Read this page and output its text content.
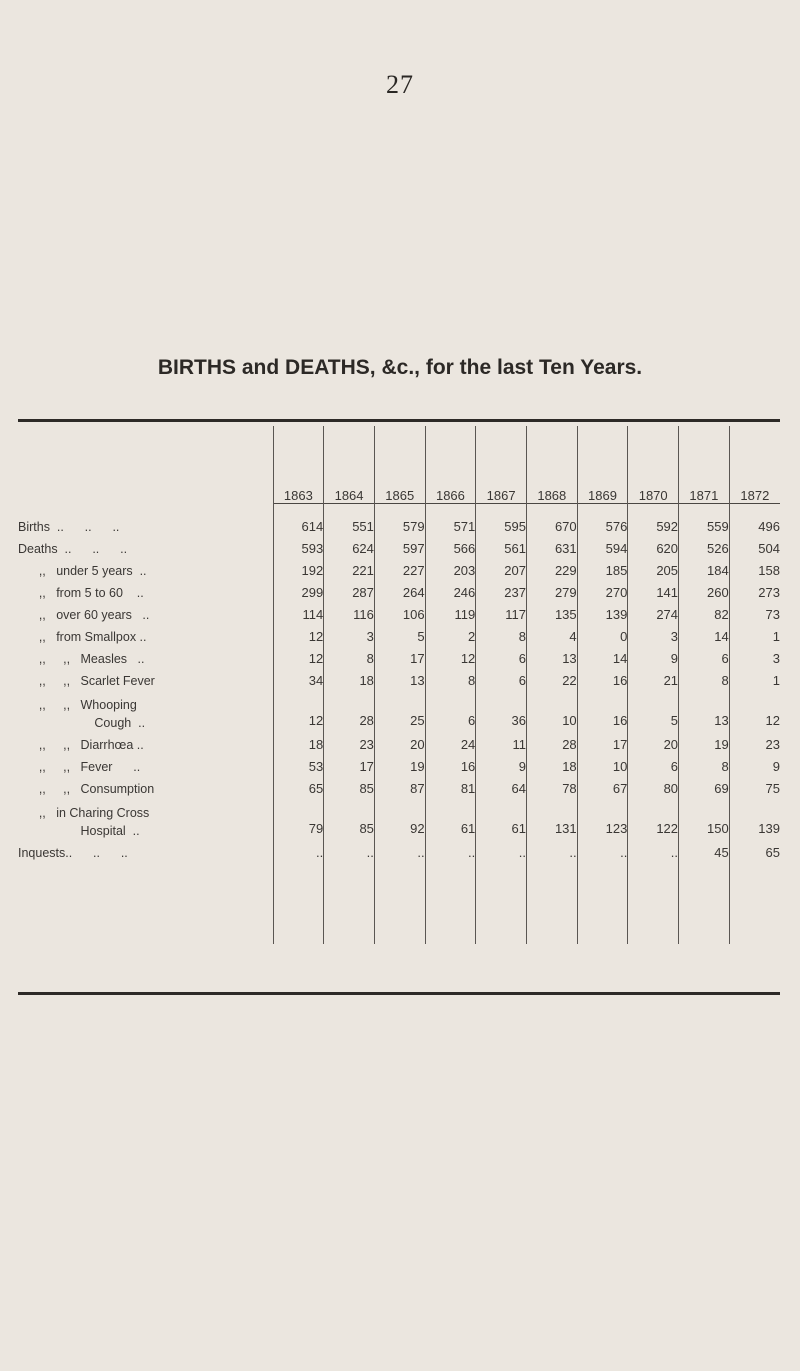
27
BIRTHS and DEATHS, &c., for the last Ten Years.
	1863	1864	1865	1866	1867	1868	1869	1870	1871	1872

Births  ..      ..      ..	614	551	579	571	595	670	576	592	559	496

Deaths  ..      ..      ..	593	624	597	566	561	631	594	620	526	504

,,   under 5 years  ..	192	221	227	203	207	229	185	205	184	158

,,   from 5 to 60    ..	299	287	264	246	237	279	270	141	260	273

,,   over 60 years   ..	114	116	106	119	117	135	139	274	82	73

,,   from Smallpox ..	12	3	5	2	8	4	0	3	14	1

,,     ,,   Measles   ..	12	8	17	12	6	13	14	9	6	3

,,     ,,   Scarlet Fever	34	18	13	8	6	22	16	21	8	1

,,     ,,   Whooping
Cough  ..	12	28	25	6	36	10	16	5	13	12

,,     ,,   Diarrhœa ..	18	23	20	24	11	28	17	20	19	23

,,     ,,   Fever      ..	53	17	19	16	9	18	10	6	8	9

,,     ,,   Consumption	65	85	87	81	64	78	67	80	69	75

,,   in Charing Cross
Hospital  ..	79	85	92	61	61	131	123	122	150	139

Inquests..      ..      ..	..	..	..	..	..	..	..	..	45	65
